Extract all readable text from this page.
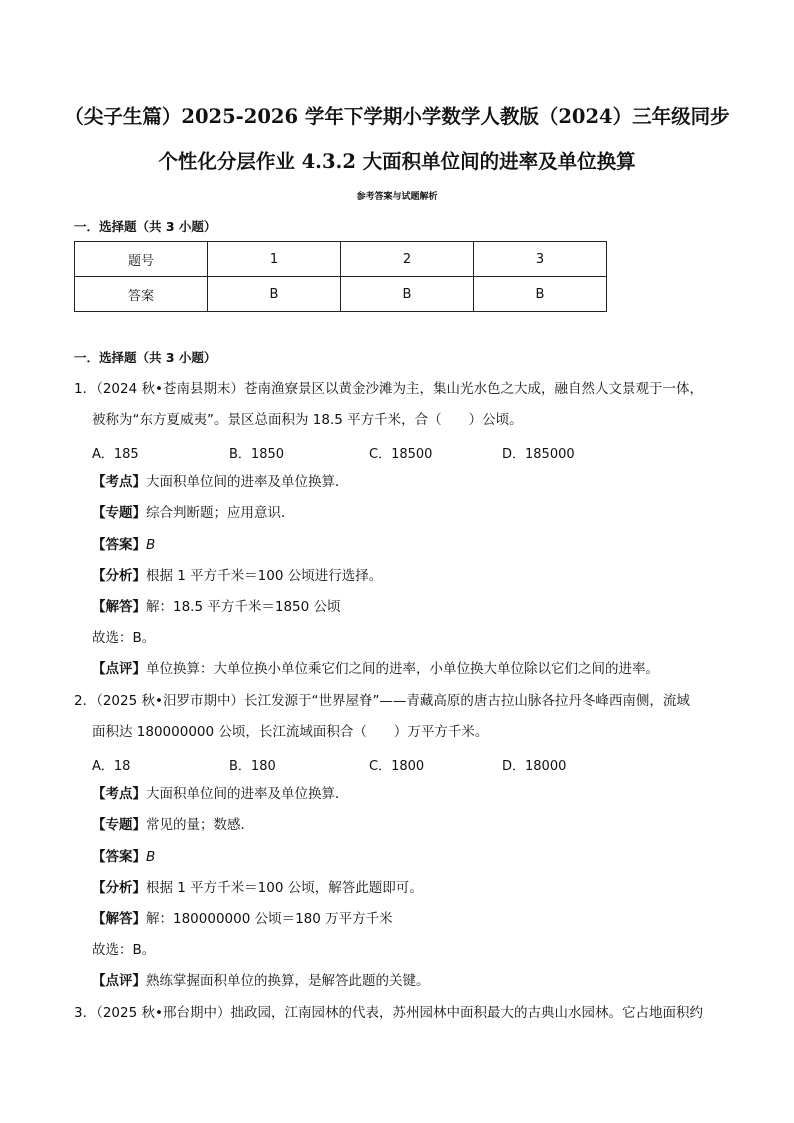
（尖子生篇）2025-2026 学年下学期小学数学人教版（2024）三年级同步
个性化分层作业 4.3.2 大面积单位间的进率及单位换算
参考答案与试题解析
一．选择题（共 3 小题）
题号	1	2	3
答案	B	B	B
一．选择题（共 3 小题）
1．（2024 秋•苍南县期末）苍南渔寮景区以黄金沙滩为主，集山光水色之大成，融自然人文景观于一体，
被称为“东方夏威夷”。景区总面积为 18.5 平方千米，合（　　）公顷。
A．185	B．1850	C．18500	D．185000
【考点】大面积单位间的进率及单位换算．
【专题】综合判断题；应用意识．
【答案】B
【分析】根据 1 平方千米＝100 公顷进行选择。
【解答】解：18.5 平方千米＝1850 公顷
故选：B。
【点评】单位换算：大单位换小单位乘它们之间的进率，小单位换大单位除以它们之间的进率。
2．（2025 秋•汨罗市期中）长江发源于“世界屋脊”——青藏高原的唐古拉山脉各拉丹冬峰西南侧，流域
面积达 180000000 公顷，长江流域面积合（　　）万平方千米。
A．18	B．180	C．1800	D．18000
【考点】大面积单位间的进率及单位换算．
【专题】常见的量；数感．
【答案】B
【分析】根据 1 平方千米＝100 公顷，解答此题即可。
【解答】解：180000000 公顷＝180 万平方千米
故选：B。
【点评】熟练掌握面积单位的换算，是解答此题的关键。
3．（2025 秋•邢台期中）拙政园，江南园林的代表，苏州园林中面积最大的古典山水园林。它占地面积约
